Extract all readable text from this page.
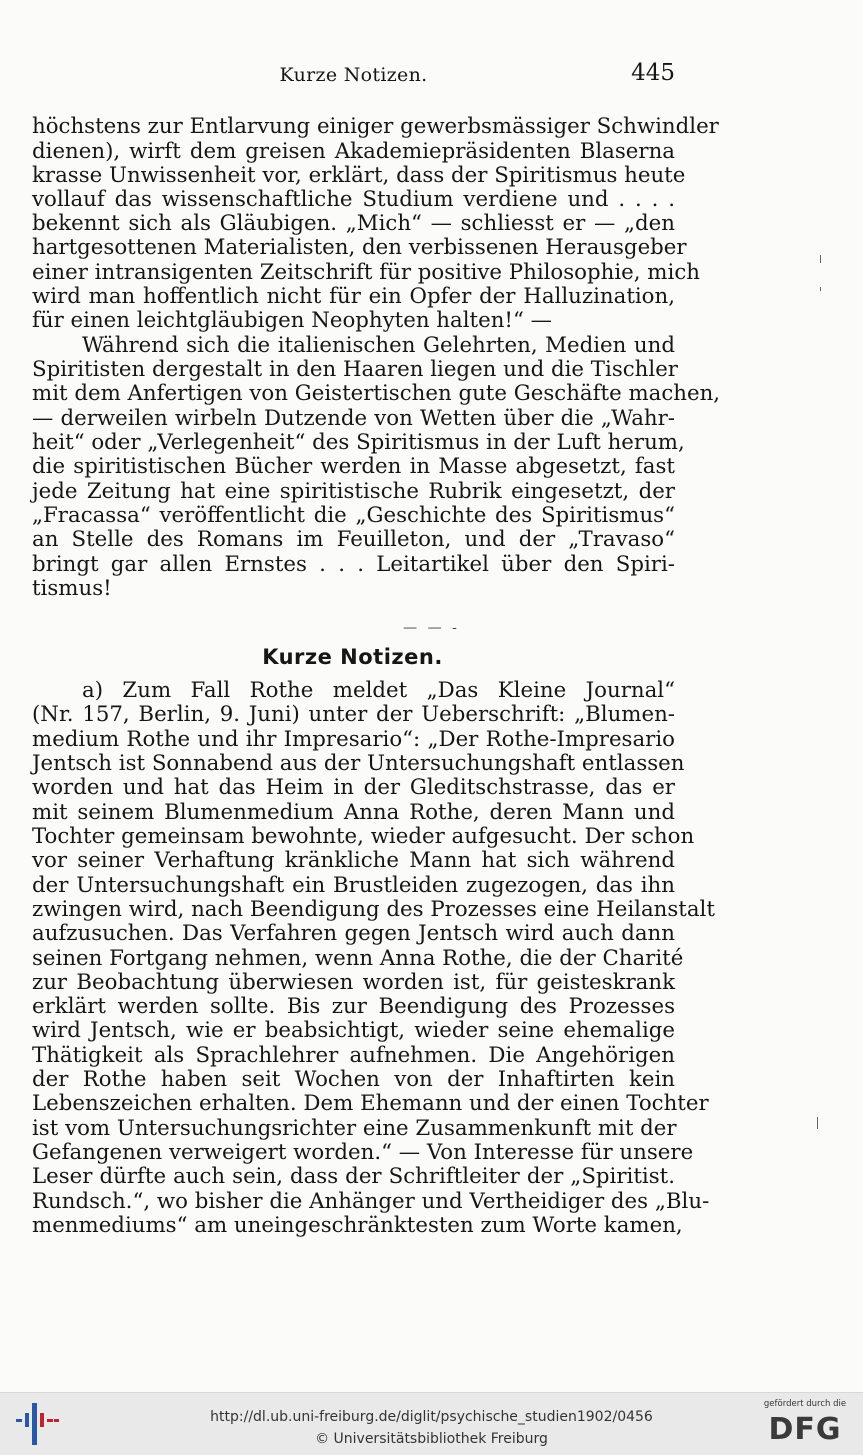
Kurze Notizen.	445
höchstens zur Entlarvung einiger gewerbsmässiger Schwindler
dienen), wirft dem greisen Akademiepräsidenten Blaserna
krasse Unwissenheit vor, erklärt, dass der Spiritismus heute
vollauf das wissenschaftliche Studium verdiene und . . . .
bekennt sich als Gläubigen. „Mich“ — schliesst er — „den
hartgesottenen Materialisten, den verbissenen Herausgeber
einer intransigenten Zeitschrift für positive Philosophie, mich
wird man hoffentlich nicht für ein Opfer der Halluzination,
für einen leichtgläubigen Neophyten halten!“ —
Während sich die italienischen Gelehrten, Medien und
Spiritisten dergestalt in den Haaren liegen und die Tischler
mit dem Anfertigen von Geistertischen gute Geschäfte machen,
— derweilen wirbeln Dutzende von Wetten über die „Wahr-
heit“ oder „Verlegenheit“ des Spiritismus in der Luft herum,
die spiritistischen Bücher werden in Masse abgesetzt, fast
jede Zeitung hat eine spiritistische Rubrik eingesetzt, der
„Fracassa“ veröffentlicht die „Geschichte des Spiritismus“
an Stelle des Romans im Feuilleton, und der „Travaso“
bringt gar allen Ernstes . . . Leitartikel über den Spiri-
tismus!
— — -
Kurze Notizen.
a) Zum Fall Rothe meldet „Das Kleine Journal“
(Nr. 157, Berlin, 9. Juni) unter der Ueberschrift: „Blumen-
medium Rothe und ihr Impresario“: „Der Rothe-Impresario
Jentsch ist Sonnabend aus der Untersuchungshaft entlassen
worden und hat das Heim in der Gleditschstrasse, das er
mit seinem Blumenmedium Anna Rothe, deren Mann und
Tochter gemeinsam bewohnte, wieder aufgesucht. Der schon
vor seiner Verhaftung kränkliche Mann hat sich während
der Untersuchungshaft ein Brustleiden zugezogen, das ihn
zwingen wird, nach Beendigung des Prozesses eine Heilanstalt
aufzusuchen. Das Verfahren gegen Jentsch wird auch dann
seinen Fortgang nehmen, wenn Anna Rothe, die der Charité
zur Beobachtung überwiesen worden ist, für geisteskrank
erklärt werden sollte. Bis zur Beendigung des Prozesses
wird Jentsch, wie er beabsichtigt, wieder seine ehemalige
Thätigkeit als Sprachlehrer aufnehmen. Die Angehörigen
der Rothe haben seit Wochen von der Inhaftirten kein
Lebenszeichen erhalten. Dem Ehemann und der einen Tochter
ist vom Untersuchungsrichter eine Zusammenkunft mit der
Gefangenen verweigert worden.“ — Von Interesse für unsere
Leser dürfte auch sein, dass der Schriftleiter der „Spiritist.
Rundsch.“, wo bisher die Anhänger und Vertheidiger des „Blu-
menmediums“ am uneingeschränktesten zum Worte kamen,
http://dl.ub.uni-freiburg.de/diglit/psychische_studien1902/0456
© Universitätsbibliothek Freiburg
gefördert durch die
DFG
